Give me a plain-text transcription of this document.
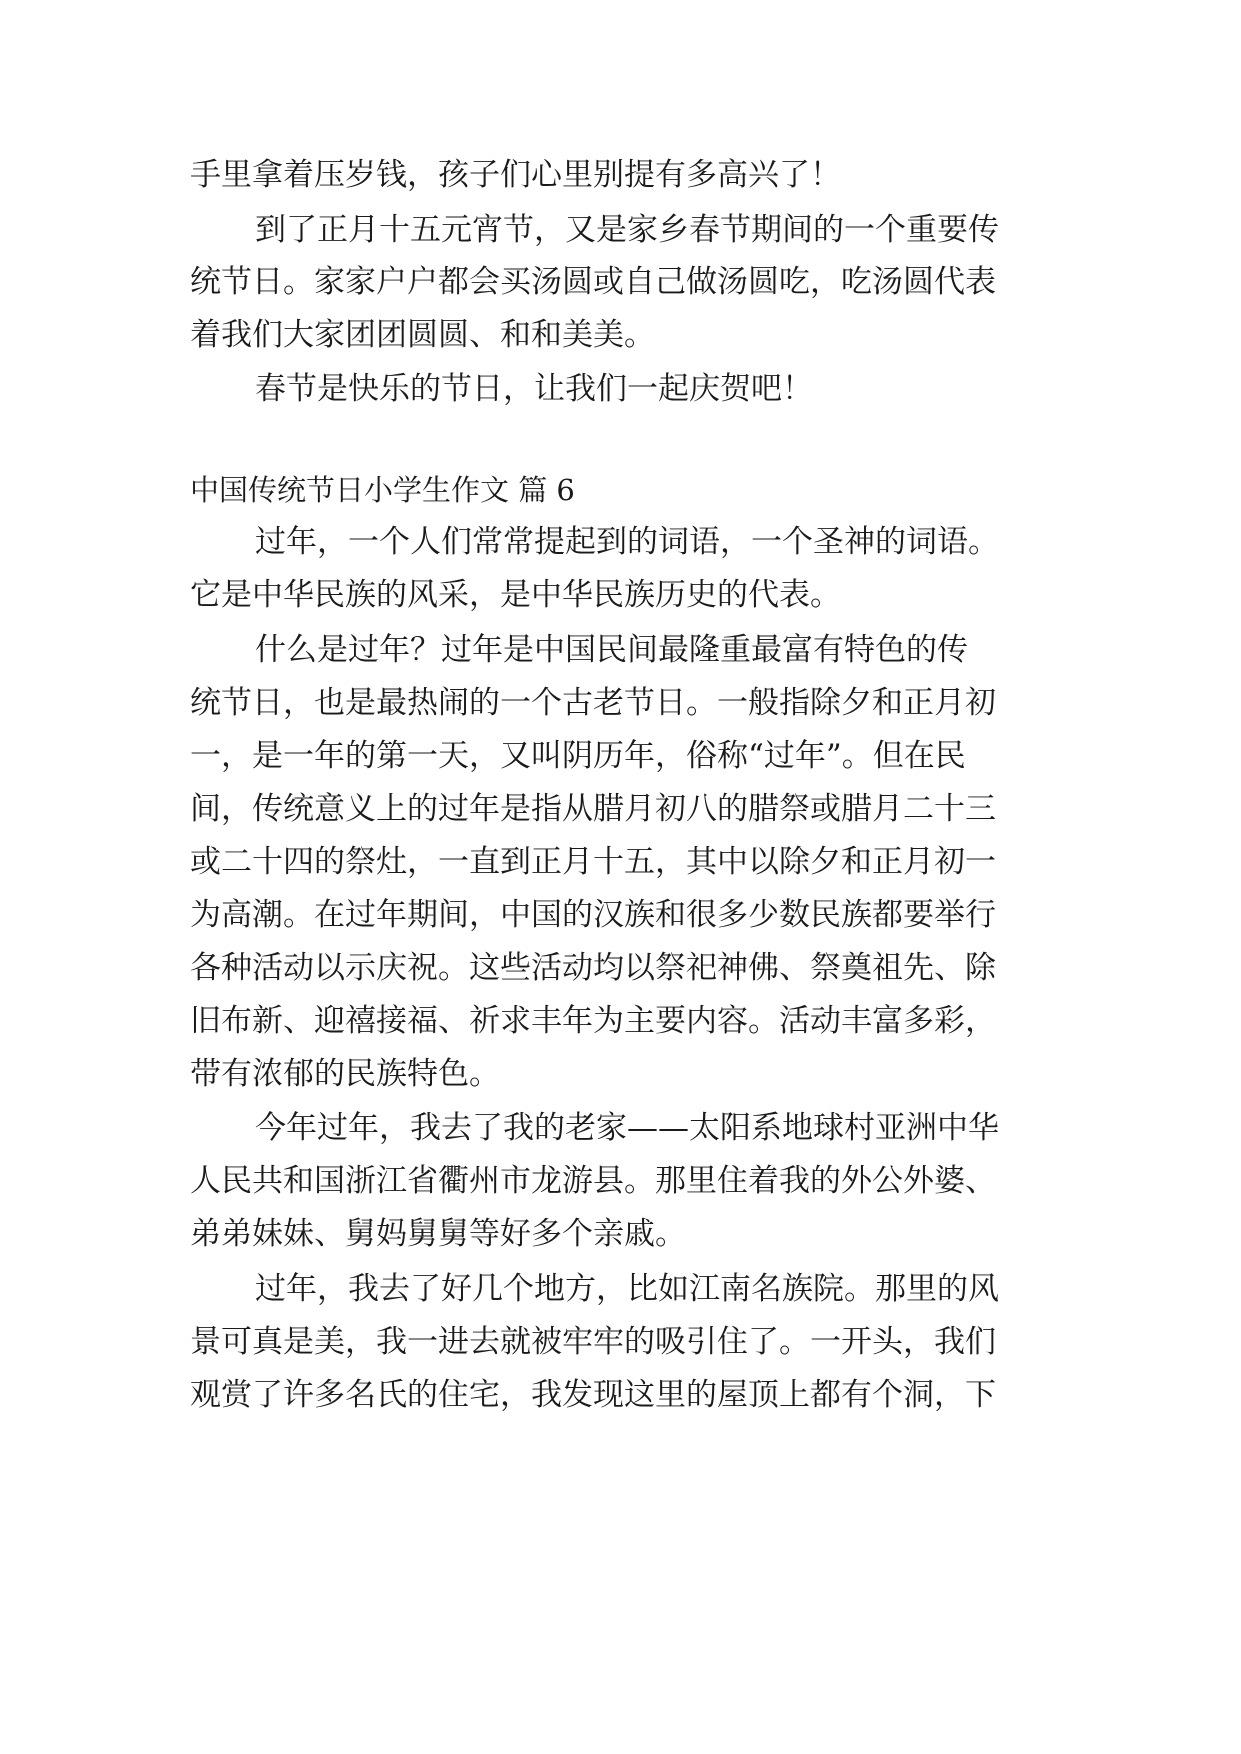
手里拿着压岁钱，孩子们心里别提有多高兴了！
到了正月十五元宵节，又是家乡春节期间的一个重要传
统节日。家家户户都会买汤圆或自己做汤圆吃，吃汤圆代表
着我们大家团团圆圆、和和美美。
春节是快乐的节日，让我们一起庆贺吧！
中国传统节日小学生作文 篇 6
过年，一个人们常常提起到的词语，一个圣神的词语。
它是中华民族的风采，是中华民族历史的代表。
什么是过年？过年是中国民间最隆重最富有特色的传
统节日，也是最热闹的一个古老节日。一般指除夕和正月初
一，是一年的第一天，又叫阴历年，俗称“过年”。但在民
间，传统意义上的过年是指从腊月初八的腊祭或腊月二十三
或二十四的祭灶，一直到正月十五，其中以除夕和正月初一
为高潮。在过年期间，中国的汉族和很多少数民族都要举行
各种活动以示庆祝。这些活动均以祭祀神佛、祭奠祖先、除
旧布新、迎禧接福、祈求丰年为主要内容。活动丰富多彩，
带有浓郁的民族特色。
今年过年，我去了我的老家——太阳系地球村亚洲中华
人民共和国浙江省衢州市龙游县。那里住着我的外公外婆、
弟弟妹妹、舅妈舅舅等好多个亲戚。
过年，我去了好几个地方，比如江南名族院。那里的风
景可真是美，我一进去就被牢牢的吸引住了。一开头，我们
观赏了许多名氏的住宅，我发现这里的屋顶上都有个洞，下
